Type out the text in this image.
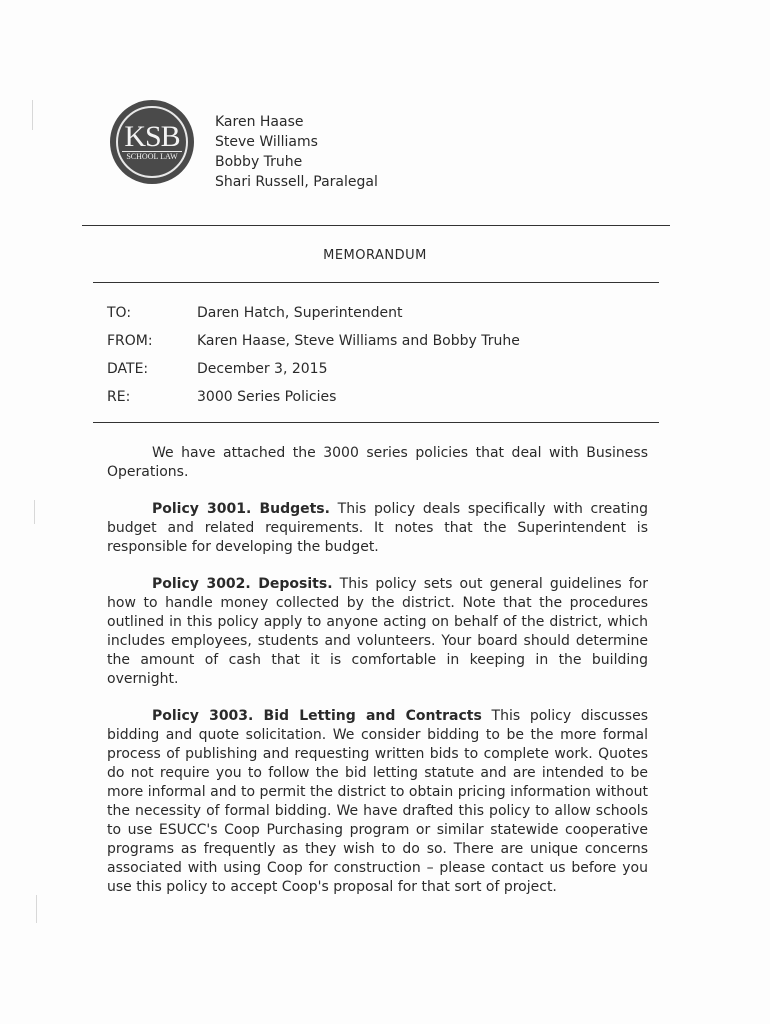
KSB
SCHOOL LAW
Karen Haase
Steve Williams
Bobby Truhe
Shari Russell, Paralegal
MEMORANDUM
TO:	Daren Hatch, Superintendent
FROM:	Karen Haase, Steve Williams and Bobby Truhe
DATE:	December 3, 2015
RE:	3000 Series Policies
We have attached the 3000 series policies that deal with Business Operations.
Policy 3001. Budgets. This policy deals specifically with creating budget and related requirements. It notes that the Superintendent is responsible for developing the budget.
Policy 3002. Deposits. This policy sets out general guidelines for how to handle money collected by the district. Note that the procedures outlined in this policy apply to anyone acting on behalf of the district, which includes employees, students and volunteers. Your board should determine the amount of cash that it is comfortable in keeping in the building overnight.
Policy 3003. Bid Letting and Contracts This policy discusses bidding and quote solicitation. We consider bidding to be the more formal process of publishing and requesting written bids to complete work. Quotes do not require you to follow the bid letting statute and are intended to be more informal and to permit the district to obtain pricing information without the necessity of formal bidding. We have drafted this policy to allow schools to use ESUCC's Coop Purchasing program or similar statewide cooperative programs as frequently as they wish to do so. There are unique concerns associated with using Coop for construction – please contact us before you use this policy to accept Coop's proposal for that sort of project.
